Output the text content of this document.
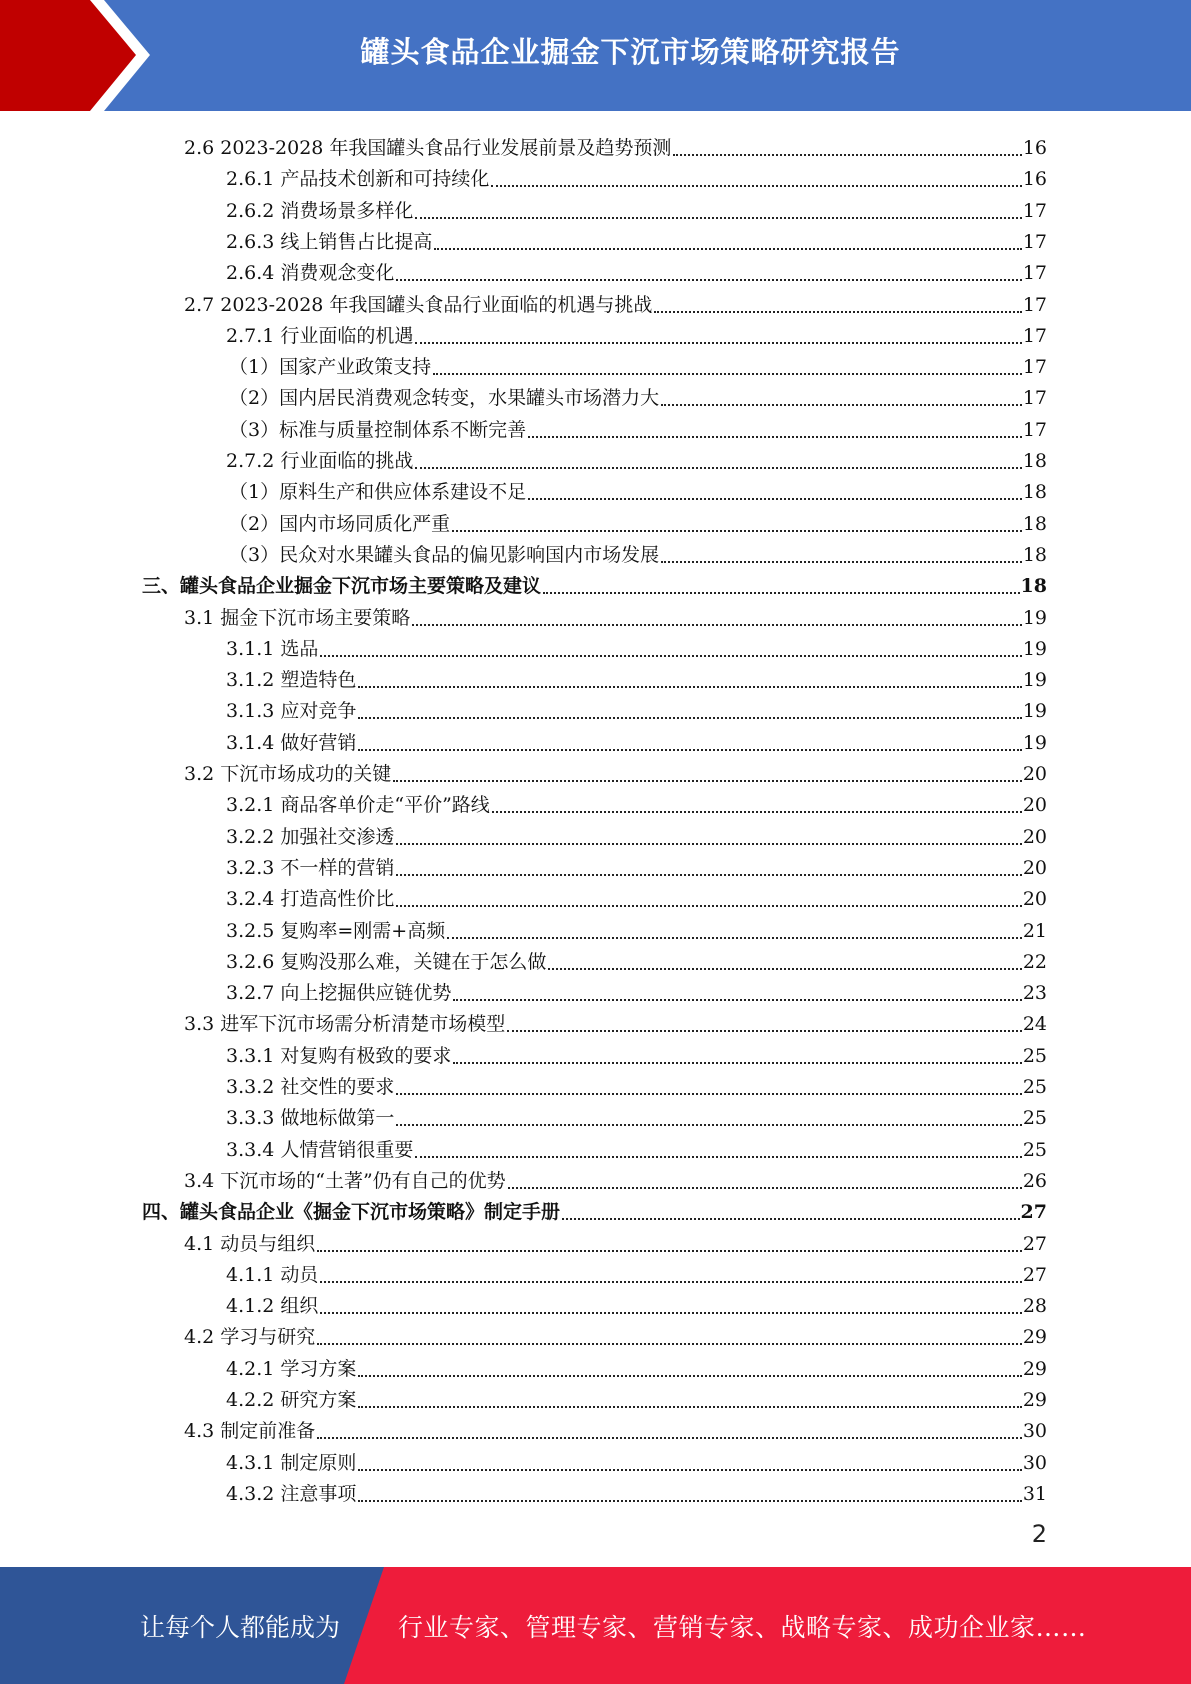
罐头食品企业掘金下沉市场策略研究报告
2.6 2023-2028 年我国罐头食品行业发展前景及趋势预测	16
2.6.1 产品技术创新和可持续化	16
2.6.2 消费场景多样化	17
2.6.3 线上销售占比提高	17
2.6.4 消费观念变化	17
2.7 2023-2028 年我国罐头食品行业面临的机遇与挑战	17
2.7.1 行业面临的机遇	17
（1）国家产业政策支持	17
（2）国内居民消费观念转变，水果罐头市场潜力大	17
（3）标准与质量控制体系不断完善	17
2.7.2 行业面临的挑战	18
（1）原料生产和供应体系建设不足	18
（2）国内市场同质化严重	18
（3）民众对水果罐头食品的偏见影响国内市场发展	18
三、罐头食品企业掘金下沉市场主要策略及建议	18
3.1 掘金下沉市场主要策略	19
3.1.1 选品	19
3.1.2 塑造特色	19
3.1.3 应对竞争	19
3.1.4 做好营销	19
3.2 下沉市场成功的关键	20
3.2.1 商品客单价走“平价”路线	20
3.2.2 加强社交渗透	20
3.2.3 不一样的营销	20
3.2.4 打造高性价比	20
3.2.5 复购率=刚需+高频	21
3.2.6 复购没那么难，关键在于怎么做	22
3.2.7 向上挖掘供应链优势	23
3.3 进军下沉市场需分析清楚市场模型	24
3.3.1 对复购有极致的要求	25
3.3.2 社交性的要求	25
3.3.3 做地标做第一	25
3.3.4 人情营销很重要	25
3.4 下沉市场的“土著”仍有自己的优势	26
四、罐头食品企业《掘金下沉市场策略》制定手册	27
4.1 动员与组织	27
4.1.1 动员	27
4.1.2 组织	28
4.2 学习与研究	29
4.2.1 学习方案	29
4.2.2 研究方案	29
4.3 制定前准备	30
4.3.1 制定原则	30
4.3.2 注意事项	31
2
让每个人都能成为 行业专家、管理专家、营销专家、战略专家、成功企业家……
